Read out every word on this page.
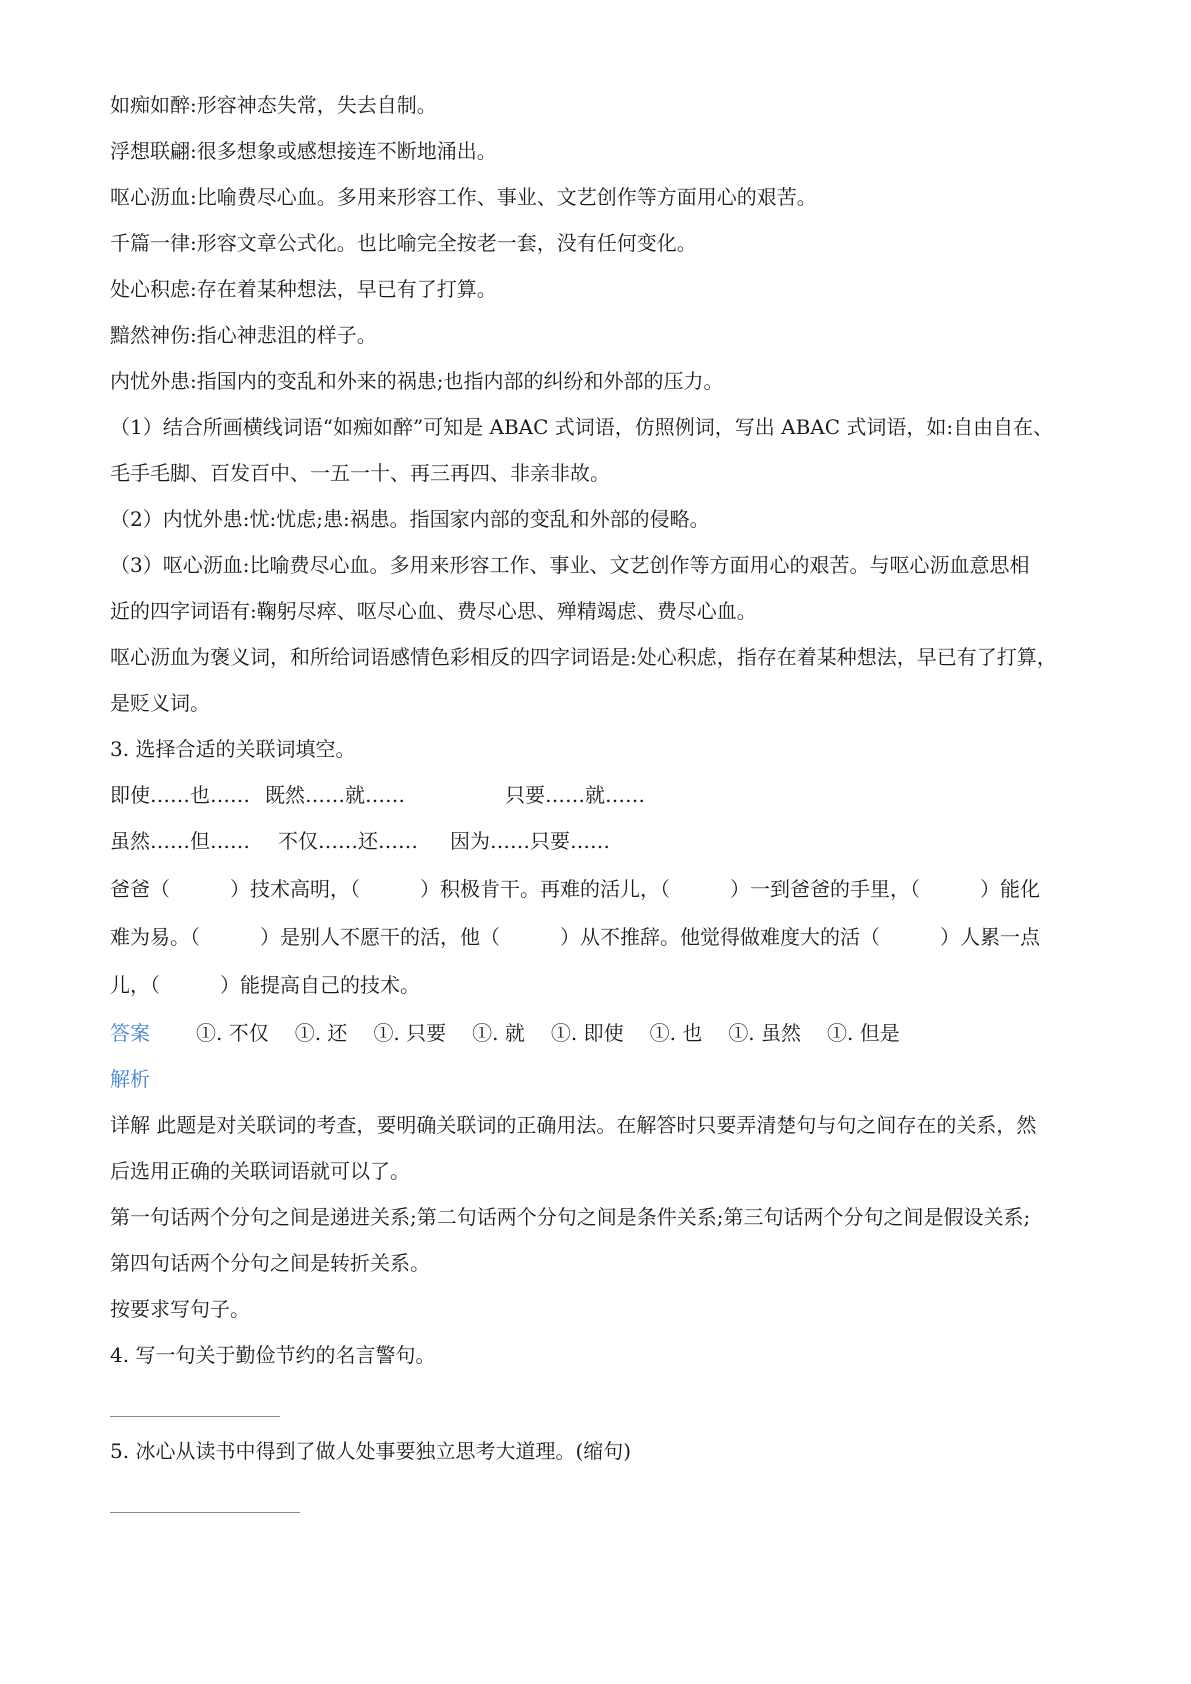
如痴如醉:形容神态失常，失去自制。
浮想联翩:很多想象或感想接连不断地涌出。
呕心沥血:比喻费尽心血。多用来形容工作、事业、文艺创作等方面用心的艰苦。
千篇一律:形容文章公式化。也比喻完全按老一套，没有任何变化。
处心积虑:存在着某种想法，早已有了打算。
黯然神伤:指心神悲沮的样子。
内忧外患:指国内的变乱和外来的祸患;也指内部的纠纷和外部的压力。
（1）结合所画横线词语“如痴如醉”可知是 ABAC 式词语，仿照例词，写出 ABAC 式词语，如:自由自在、
毛手毛脚、百发百中、一五一十、再三再四、非亲非故。
（2）内忧外患:忧:忧虑;患:祸患。指国家内部的变乱和外部的侵略。
（3）呕心沥血:比喻费尽心血。多用来形容工作、事业、文艺创作等方面用心的艰苦。与呕心沥血意思相
近的四字词语有:鞠躬尽瘁、呕尽心血、费尽心思、殚精竭虑、费尽心血。
呕心沥血为褒义词，和所给词语感情色彩相反的四字词语是:处心积虑，指存在着某种想法，早已有了打算，
是贬义词。
3. 选择合适的关联词填空。
即使……也…… 既然……就……	只要……就……
虽然……但…… 不仅……还…… 因为……只要……
爸爸（　　　）技术高明，（　　　）积极肯干。再难的活儿，（　　　）一到爸爸的手里，（　　　）能化
难为易。（　　　）是别人不愿干的活，他（　　　）从不推辞。他觉得做难度大的活（　　　）人累一点
儿，（　　　）能提高自己的技术。
答案 ①. 不仅 ①. 还 ①. 只要 ①. 就 ①. 即使 ①. 也 ①. 虽然 ①. 但是
解析
详解 此题是对关联词的考查，要明确关联词的正确用法。在解答时只要弄清楚句与句之间存在的关系，然
后选用正确的关联词语就可以了。
第一句话两个分句之间是递进关系;第二句话两个分句之间是条件关系;第三句话两个分句之间是假设关系;
第四句话两个分句之间是转折关系。
按要求写句子。
4. 写一句关于勤俭节约的名言警句。
5. 冰心从读书中得到了做人处事要独立思考大道理。(缩句)
